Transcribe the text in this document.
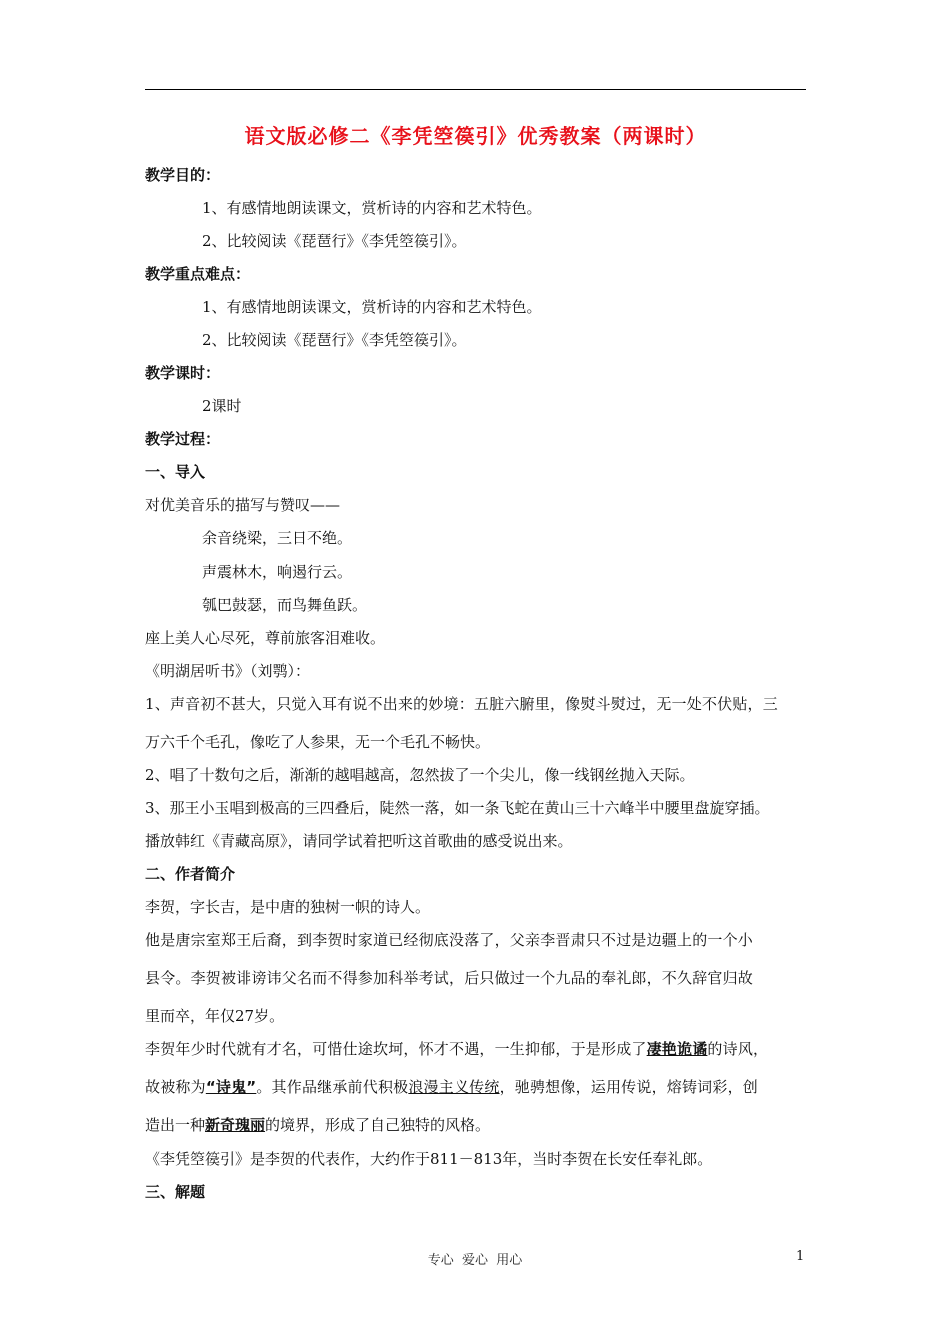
语文版必修二《李凭箜篌引》优秀教案（两课时）
教学目的：
1、有感情地朗读课文，赏析诗的内容和艺术特色。
2、比较阅读《琵琶行》《李凭箜篌引》。
教学重点难点：
1、有感情地朗读课文，赏析诗的内容和艺术特色。
2、比较阅读《琵琶行》《李凭箜篌引》。
教学课时：
2课时
教学过程：
一、导入
对优美音乐的描写与赞叹——
余音绕梁，三日不绝。
声震林木，响遏行云。
瓠巴鼓瑟，而鸟舞鱼跃。
座上美人心尽死，尊前旅客泪难收。
《明湖居听书》（刘鹗）：
1、声音初不甚大，只觉入耳有说不出来的妙境：五脏六腑里，像熨斗熨过，无一处不伏贴，三
万六千个毛孔，像吃了人参果，无一个毛孔不畅快。
2、唱了十数句之后，渐渐的越唱越高，忽然拔了一个尖儿，像一线钢丝抛入天际。
3、那王小玉唱到极高的三四叠后，陡然一落，如一条飞蛇在黄山三十六峰半中腰里盘旋穿插。
播放韩红《青藏高原》，请同学试着把听这首歌曲的感受说出来。
二、作者简介
李贺，字长吉，是中唐的独树一帜的诗人。
他是唐宗室郑王后裔，到李贺时家道已经彻底没落了，父亲李晋肃只不过是边疆上的一个小
县令。李贺被诽谤讳父名而不得参加科举考试，后只做过一个九品的奉礼郎，不久辞官归故
里而卒，年仅27岁。
李贺年少时代就有才名，可惜仕途坎坷，怀才不遇，一生抑郁，于是形成了凄艳诡谲的诗风，
故被称为“诗鬼”。其作品继承前代积极浪漫主义传统，驰骋想像，运用传说，熔铸词彩，创
造出一种新奇瑰丽的境界，形成了自己独特的风格。
《李凭箜篌引》是李贺的代表作，大约作于811－813年，当时李贺在长安任奉礼郎。
三、解题
专心  爱心  用心	1
